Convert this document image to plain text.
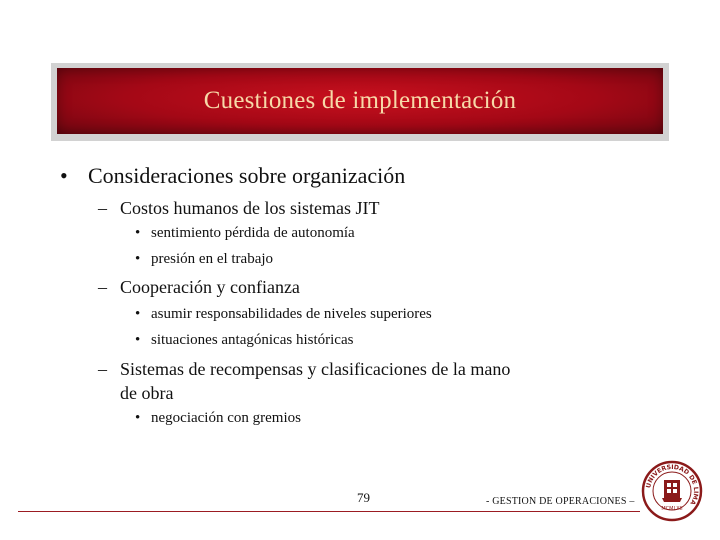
Cuestiones de implementación
• Consideraciones sobre organización
– Costos humanos de los sistemas JIT
• sentimiento pérdida de autonomía
• presión en el trabajo
– Cooperación y confianza
• asumir responsabilidades de niveles superiores
• situaciones antagónicas históricas
– Sistemas de recompensas y clasificaciones de la mano
de obra
• negociación con gremios
79	- GESTION DE OPERACIONES –
UNIVERSIDAD DE LIMA
MCMLXII
